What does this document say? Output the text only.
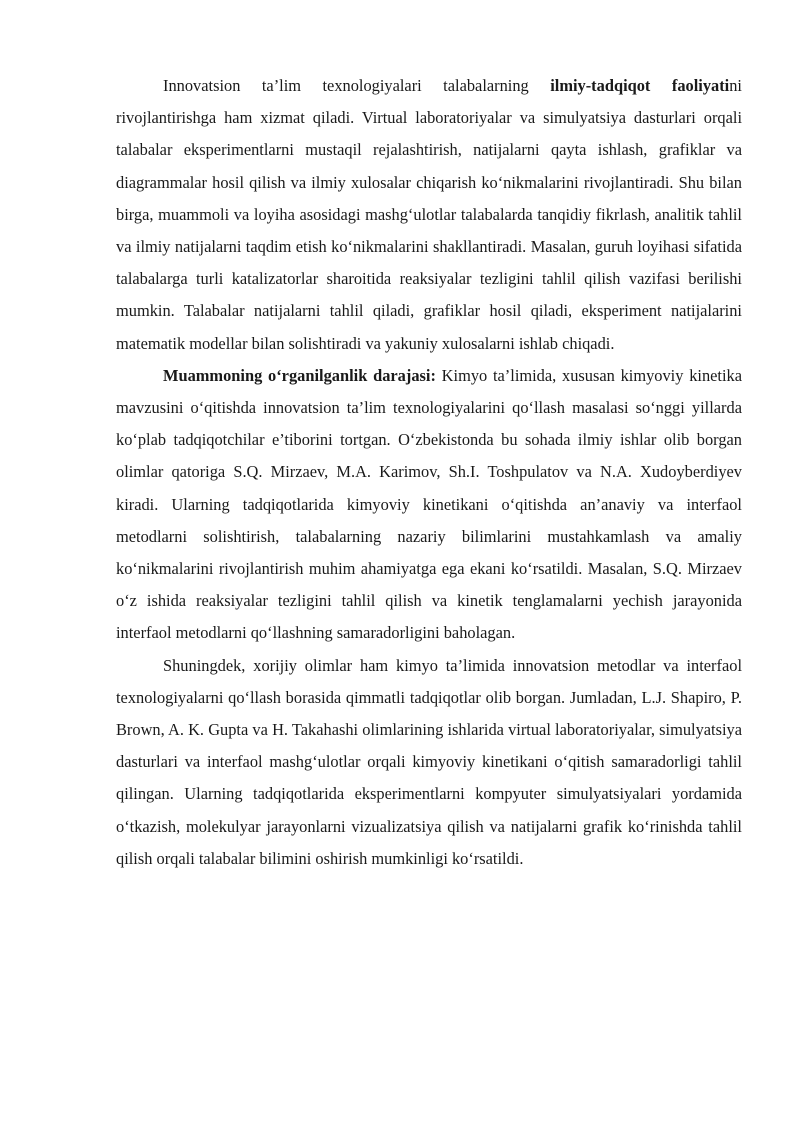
Innovatsion ta’lim texnologiyalari talabalarning ilmiy-tadqiqot faoliyatini rivojlantirishga ham xizmat qiladi. Virtual laboratoriyalar va simulyatsiya dasturlari orqali talabalar eksperimentlarni mustaqil rejalashtirish, natijalarni qayta ishlash, grafiklar va diagrammalar hosil qilish va ilmiy xulosalar chiqarish ko‘nikmalarini rivojlantiradi. Shu bilan birga, muammoli va loyiha asosidagi mashg‘ulotlar talabalarda tanqidiy fikrlash, analitik tahlil va ilmiy natijalarni taqdim etish ko‘nikmalarini shakllantiradi. Masalan, guruh loyihasi sifatida talabalarga turli katalizatorlar sharoitida reaksiyalar tezligini tahlil qilish vazifasi berilishi mumkin. Talabalar natijalarni tahlil qiladi, grafiklar hosil qiladi, eksperiment natijalarini matematik modellar bilan solishtiradi va yakuniy xulosalarni ishlab chiqadi.

Muammoning o‘rganilganlik darajasi: Kimyo ta’limida, xususan kimyoviy kinetika mavzusini o‘qitishda innovatsion ta’lim texnologiyalarini qo‘llash masalasi so‘nggi yillarda ko‘plab tadqiqotchilar e’tiborini tortgan. O‘zbekistonda bu sohada ilmiy ishlar olib borgan olimlar qatoriga S.Q. Mirzaev, M.A. Karimov, Sh.I. Toshpulatov va N.A. Xudoyberdiyev kiradi. Ularning tadqiqotlarida kimyoviy kinetikani o‘qitishda an’anaviy va interfaol metodlarni solishtirish, talabalarning nazariy bilimlarini mustahkamlash va amaliy ko‘nikmalarini rivojlantirish muhim ahamiyatga ega ekani ko‘rsatildi. Masalan, S.Q. Mirzaev o‘z ishida reaksiyalar tezligini tahlil qilish va kinetik tenglamalarni yechish jarayonida interfaol metodlarni qo‘llashning samaradorligini baholagan.

Shuningdek, xorijiy olimlar ham kimyo ta’limida innovatsion metodlar va interfaol texnologiyalarni qo‘llash borasida qimmatli tadqiqotlar olib borgan. Jumladan, L.J. Shapiro, P. Brown, A. K. Gupta va H. Takahashi olimlarining ishlarida virtual laboratoriyalar, simulyatsiya dasturlari va interfaol mashg‘ulotlar orqali kimyoviy kinetikani o‘qitish samaradorligi tahlil qilingan. Ularning tadqiqotlarida eksperimentlarni kompyuter simulyatsiyalari yordamida o‘tkazish, molekulyar jarayonlarni vizualizatsiya qilish va natijalarni grafik ko‘rinishda tahlil qilish orqali talabalar bilimini oshirish mumkinligi ko‘rsatildi.
